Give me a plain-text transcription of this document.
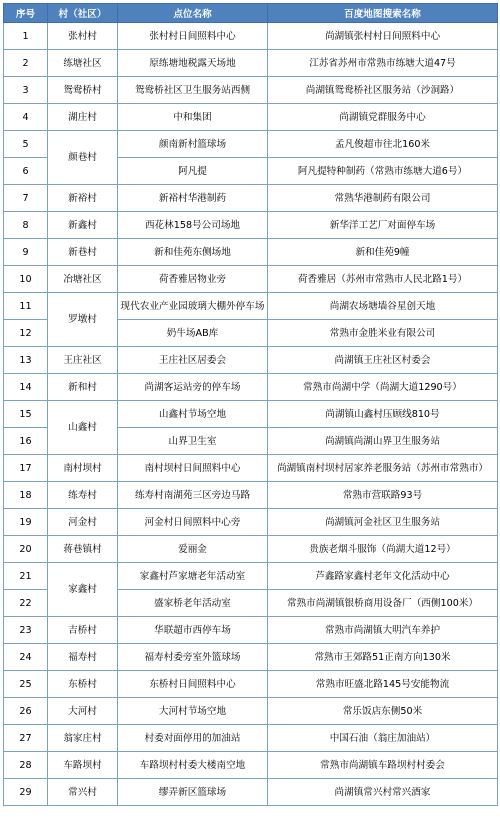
序号	村（社区）	点位名称	百度地图搜索名称
1	张村村	张村村日间照料中心	尚湖镇张村村日间照料中心
2	练塘社区	原练塘地税露天场地	江苏省苏州市常熟市练塘大道47号
3	鸳鸯桥村	鸳鸯桥社区卫生服务站西侧	尚湖镇鸳鸯桥社区服务站（沙洞路）
4	湖庄村	中和集团	尚湖镇党群服务中心
5	颜巷村	颜南新村篮球场	孟凡俊超市往北160米
6		阿凡提	阿凡提特种制药（常熟市练塘大道6号）
7	新裕村	新裕村华港制药	常熟华港制药有限公司
8	新鑫村	西花林158号公司场地	新华洋工艺厂对面停车场
9	新巷村	新和佳苑东侧场地	新和佳苑9幢
10	冶塘社区	荷香雅居物业旁	荷香雅居（苏州市常熟市人民北路1号）
11	罗墩村	现代农业产业园玻璃大棚外停车场	尚湖农场塘墙谷星创天地
12		奶牛场AB库	常熟市金胜米业有限公司
13	王庄社区	王庄社区居委会	尚湖镇王庄社区村委会
14	新和村	尚湖客运站旁的停车场	常熟市尚湖中学（尚湖大道1290号）
15	山鑫村	山鑫村节场空地	尚湖镇山鑫村压顾线810号
16		山界卫生室	尚湖镇尚湖山界卫生服务站
17	南村坝村	南村坝村日间照料中心	尚湖镇南村坝村居家养老服务站（苏州市常熟市）
18	练寿村	练寿村南湖苑三区旁边马路	常熟市营联路93号
19	河金村	河金村日间照料中心旁	尚湖镇河金社区卫生服务站
20	蒋巷镇村	爱丽金	贵族老烟斗服饰（尚湖大道12号）
21	家鑫村	家鑫村芦家塘老年活动室	芦鑫路家鑫村老年文化活动中心
22		盛家桥老年活动室	常熟市尚湖镇银桥商用设备厂（西侧100米）
23	吉桥村	华联超市西停车场	常熟市尚湖镇大明汽车养护
24	福寿村	福寿村委旁室外篮球场	常熟市王郊路51正南方向130米
25	东桥村	东桥村日间照料中心	常熟市旺盛北路145号安能物流
26	大河村	大河村节场空地	常乐饭店东侧50米
27	翁家庄村	村委对面停用的加油站	中国石油（翁庄加油站）
28	车路坝村	车路坝村村委大楼南空地	常熟市尚湖镇车路坝村村委会
29	常兴村	缪弄新区篮球场	尚湖镇常兴村常兴酒家
